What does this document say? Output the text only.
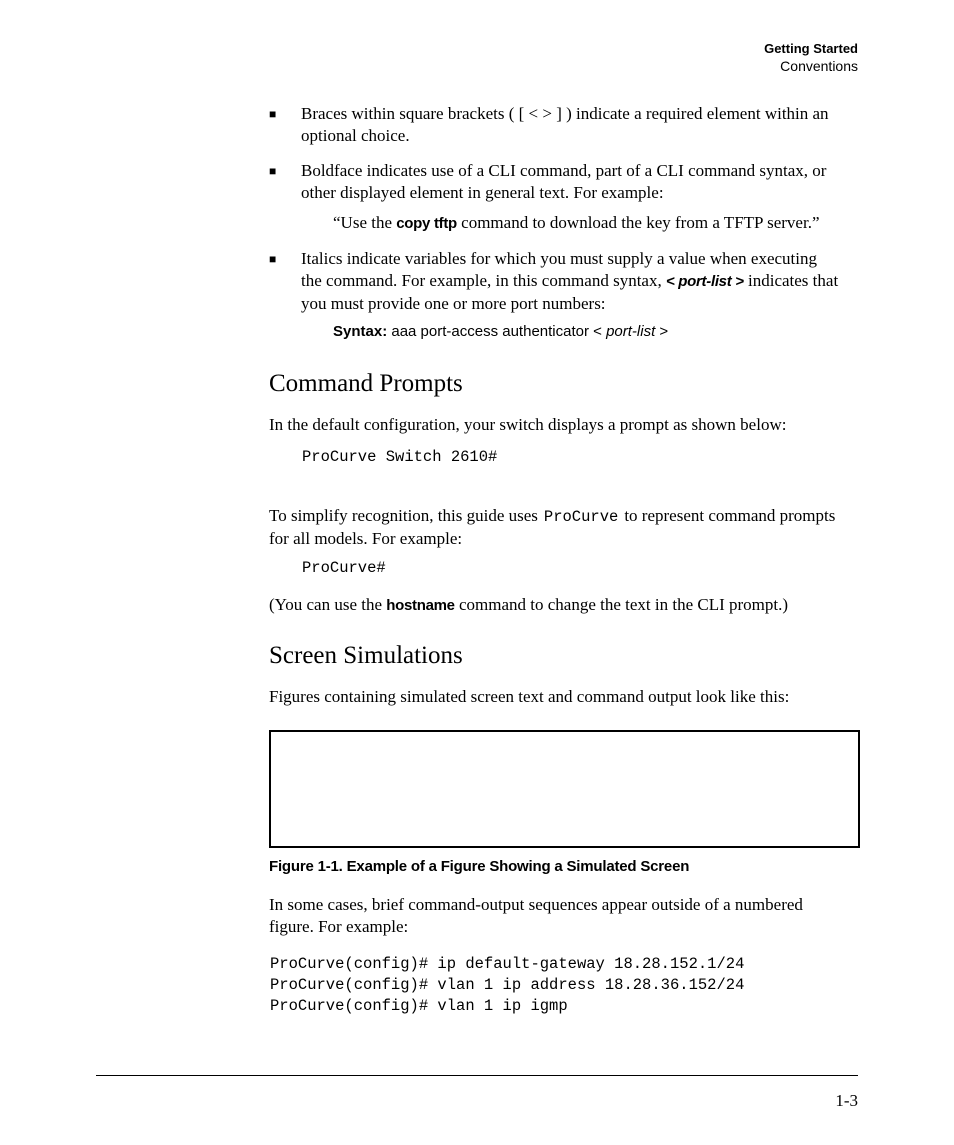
Getting Started
Conventions
■ Braces within square brackets ( [ < > ] ) indicate a required element within an optional choice.
■ Boldface indicates use of a CLI command, part of a CLI command syntax, or other displayed element in general text. For example:
“Use the copy tftp command to download the key from a TFTP server.”
■ Italics indicate variables for which you must supply a value when executing the command. For example, in this command syntax, < port-list > indicates that you must provide one or more port numbers:
Syntax: aaa port-access authenticator < port-list >
Command Prompts
In the default configuration, your switch displays a prompt as shown below:
ProCurve Switch 2610#
To simplify recognition, this guide uses ProCurve to represent command prompts for all models. For example:
ProCurve#
(You can use the hostname command to change the text in the CLI prompt.)
Screen Simulations
Figures containing simulated screen text and command output look like this:
Figure 1-1. Example of a Figure Showing a Simulated Screen
In some cases, brief command-output sequences appear outside of a numbered figure. For example:
ProCurve(config)# ip default-gateway 18.28.152.1/24
ProCurve(config)# vlan 1 ip address 18.28.36.152/24
ProCurve(config)# vlan 1 ip igmp
1-3
